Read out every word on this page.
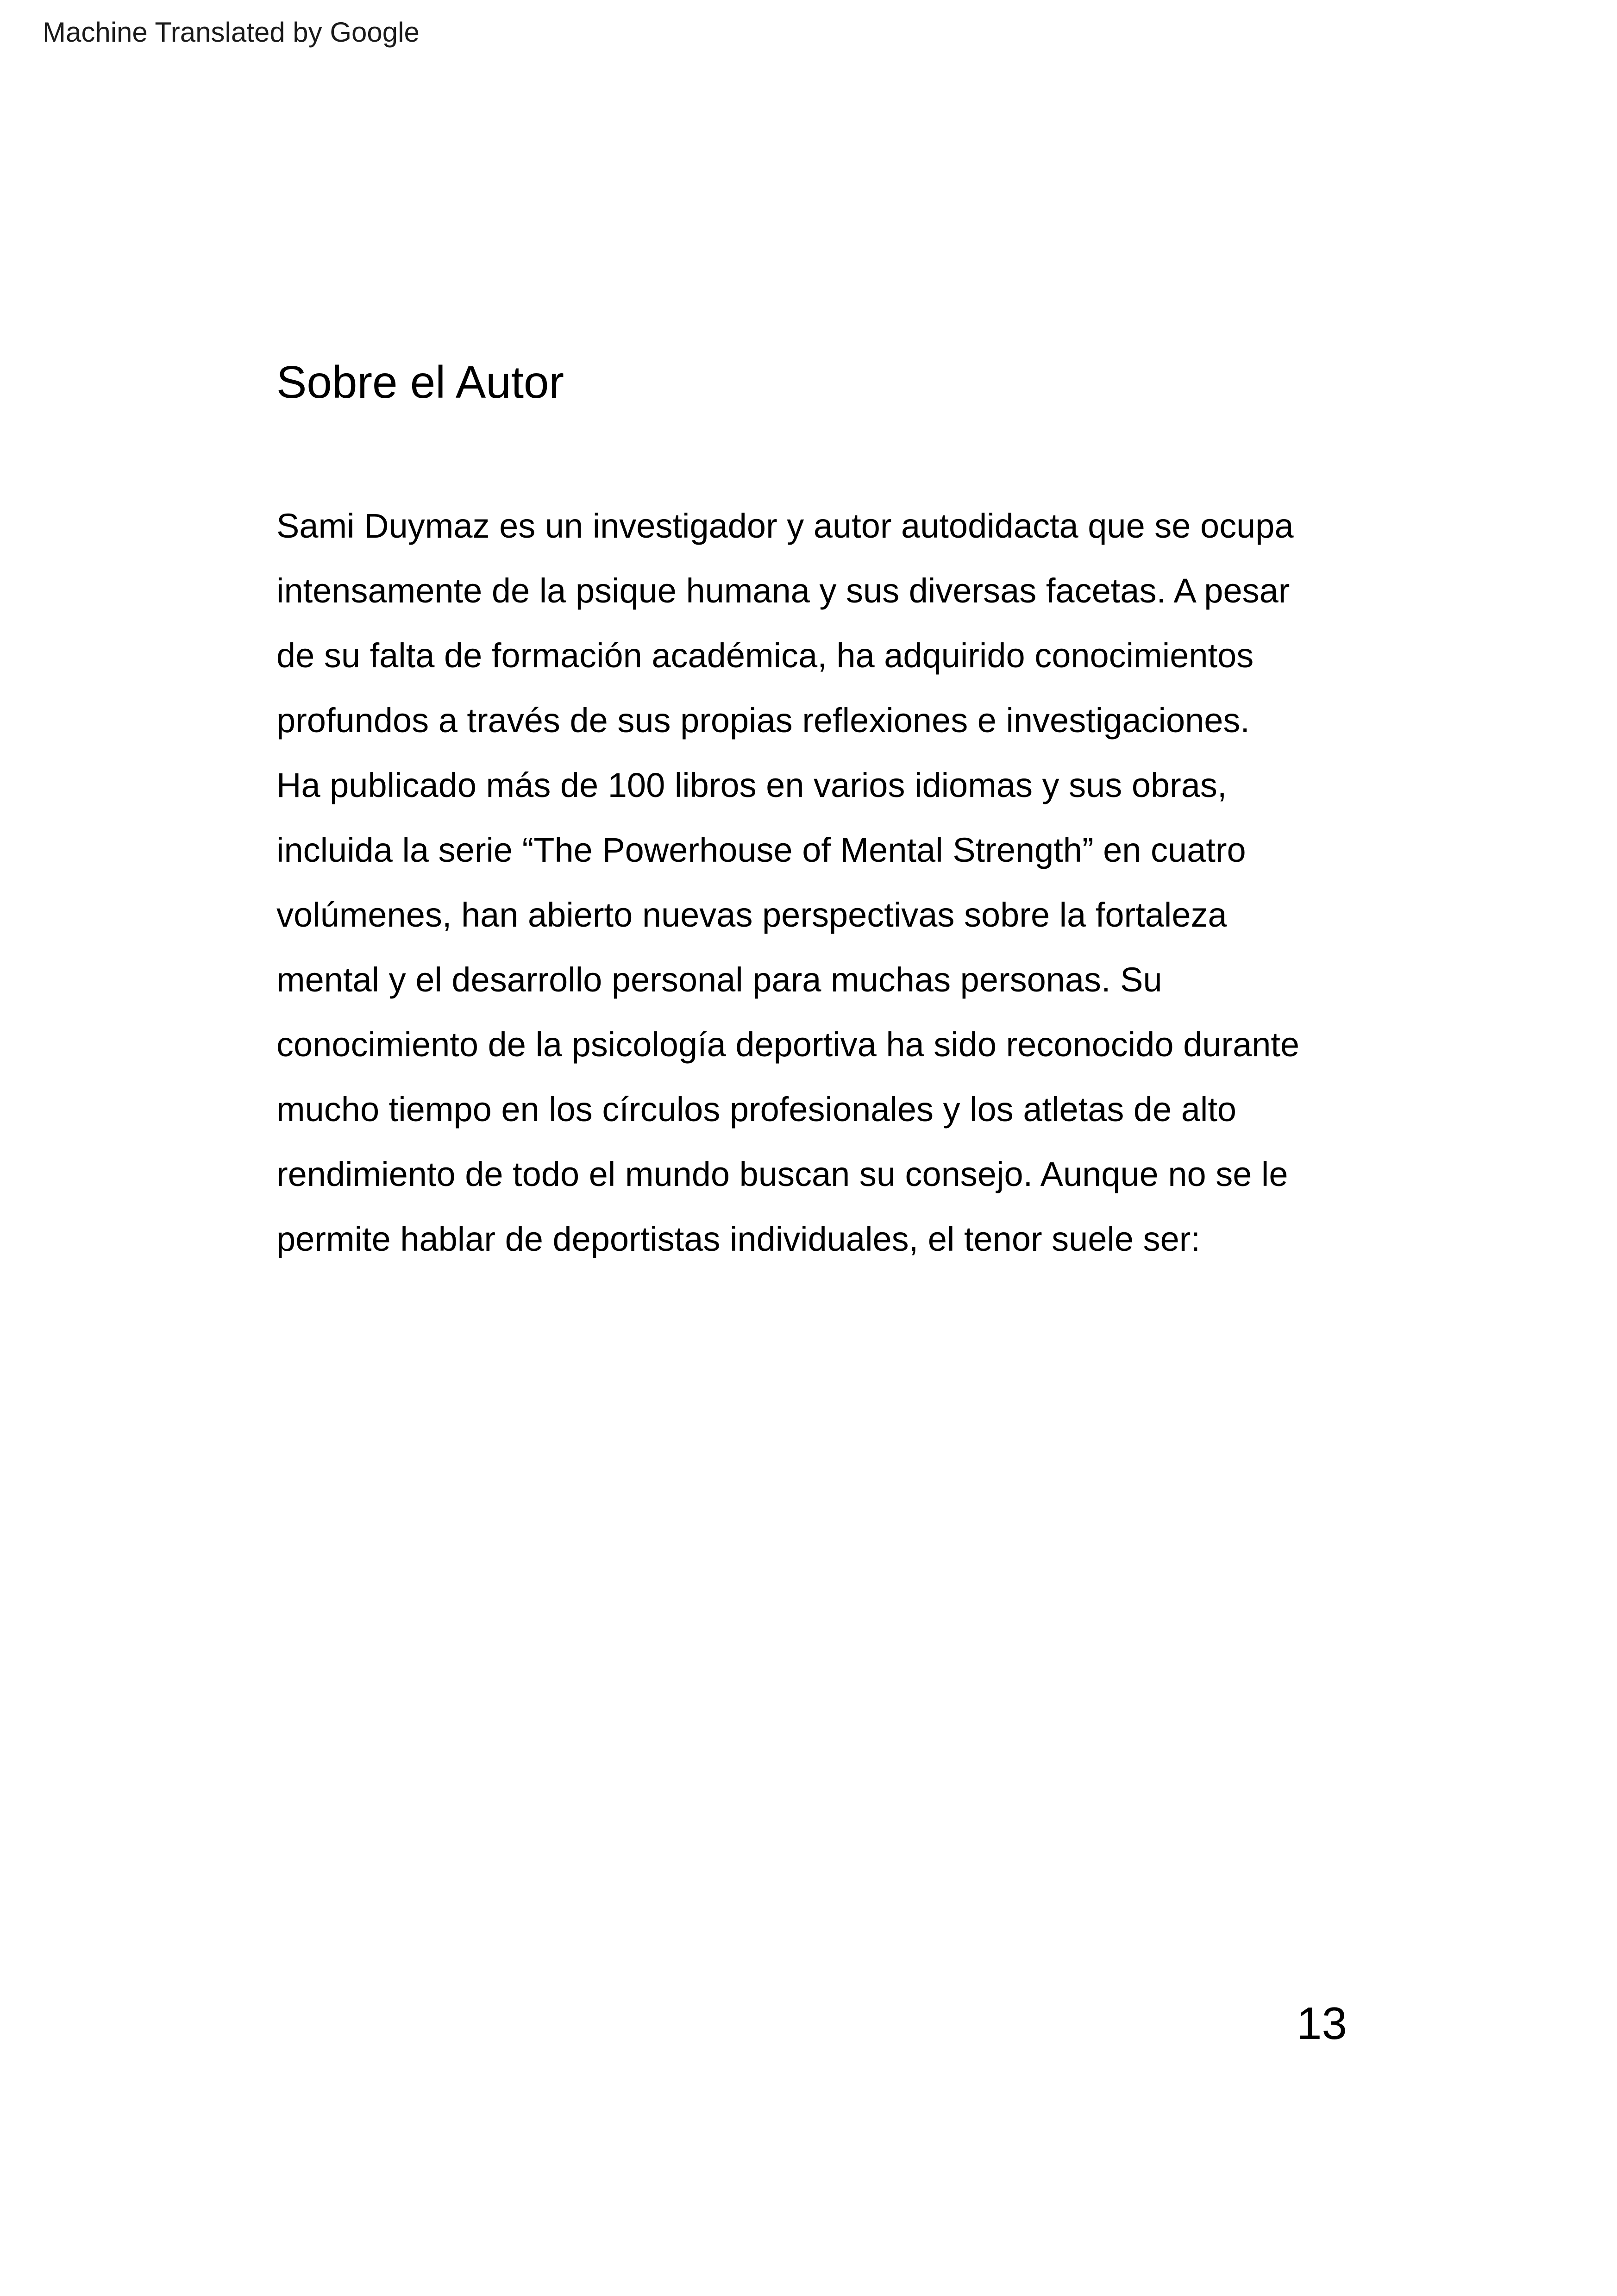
Machine Translated by Google
Sobre el Autor
Sami Duymaz es un investigador y autor autodidacta que se ocupa
intensamente de la psique humana y sus diversas facetas. A pesar
de su falta de formación académica, ha adquirido conocimientos
profundos a través de sus propias reflexiones e investigaciones.
Ha publicado más de 100 libros en varios idiomas y sus obras,
incluida la serie “The Powerhouse of Mental Strength” en cuatro
volúmenes, han abierto nuevas perspectivas sobre la fortaleza
mental y el desarrollo personal para muchas personas. Su
conocimiento de la psicología deportiva ha sido reconocido durante
mucho tiempo en los círculos profesionales y los atletas de alto
rendimiento de todo el mundo buscan su consejo. Aunque no se le
permite hablar de deportistas individuales, el tenor suele ser:
13
